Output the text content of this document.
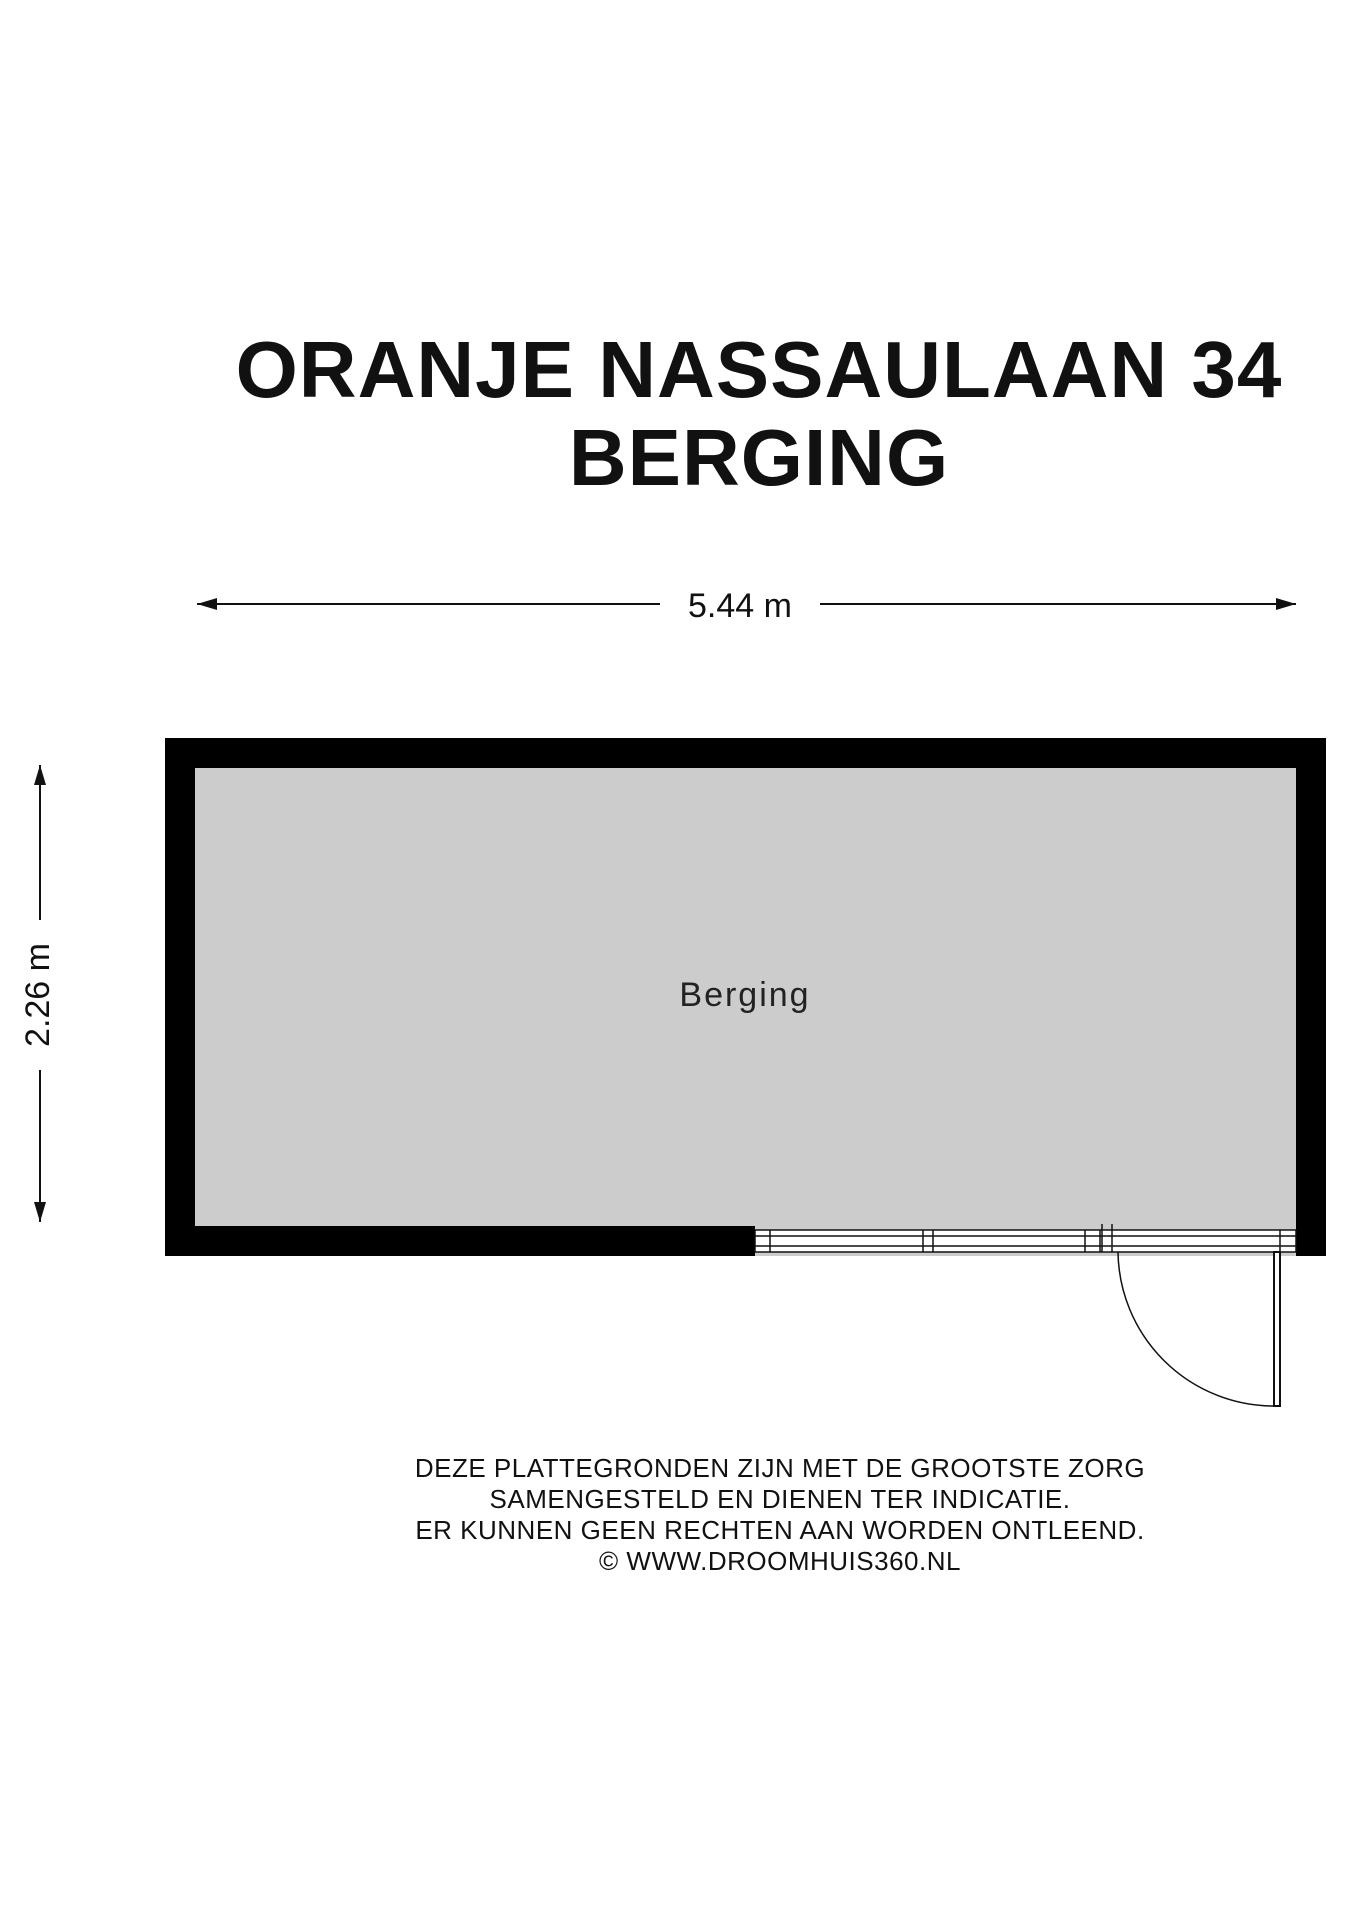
ORANJE NASSAULAAN 34
BERGING
5.44 m
2.26 m	Berging
DEZE PLATTEGRONDEN ZIJN MET DE GROOTSTE ZORG
SAMENGESTELD EN DIENEN TER INDICATIE.
ER KUNNEN GEEN RECHTEN AAN WORDEN ONTLEEND.
© WWW.DROOMHUIS360.NL
